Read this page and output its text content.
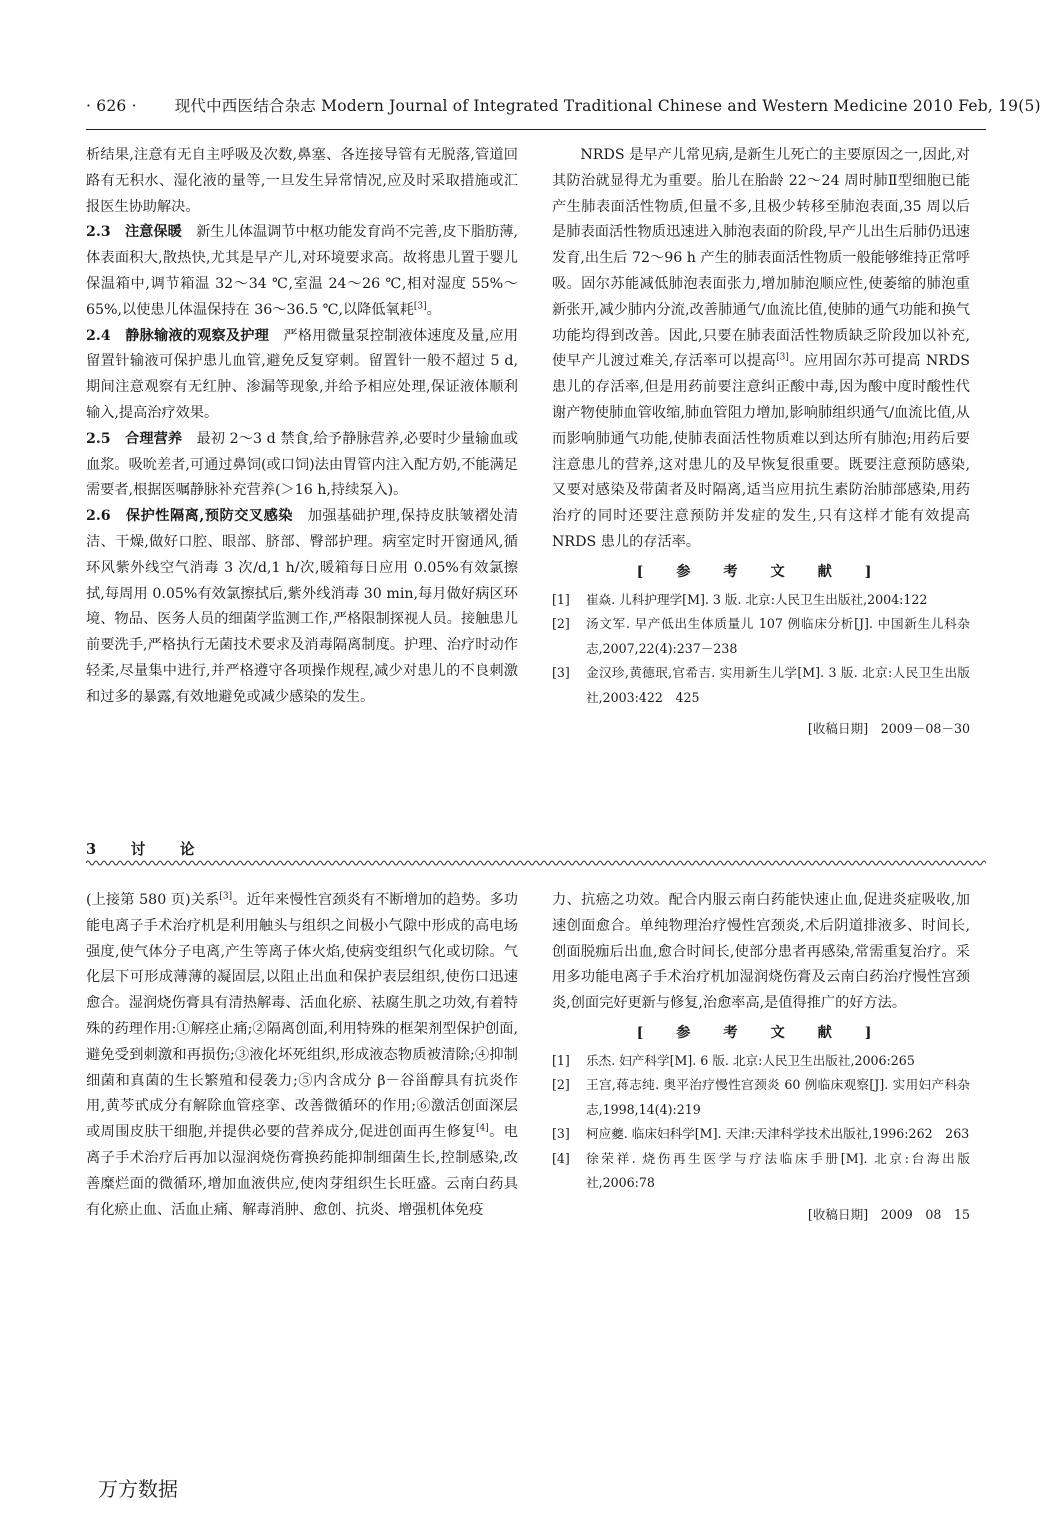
· 626 · 现代中西医结合杂志 Modern Journal of Integrated Traditional Chinese and Western Medicine 2010 Feb, 19(5)

析结果,注意有无自主呼吸及次数,鼻塞、各连接导管有无脱落,管道回路有无积水、湿化液的量等,一旦发生异常情况,应及时采取措施或汇报医生协助解决。

2.3　注意保暖　 新生儿体温调节中枢功能发育尚不完善,皮下脂肪薄,体表面积大,散热快,尤其是早产儿,对环境要求高。故将患儿置于婴儿保温箱中,调节箱温 32～34 ℃,室温 24～26 ℃,相对湿度 55%～65%,以使患儿体温保持在 36～36.5 ℃,以降低氧耗[3]。

2.4　静脉输液的观察及护理　 严格用微量泵控制液体速度及量,应用留置针输液可保护患儿血管,避免反复穿刺。留置针一般不超过 5 d,期间注意观察有无红肿、渗漏等现象,并给予相应处理,保证液体顺利输入,提高治疗效果。

2.5　合理营养　 最初 2～3 d 禁食,给予静脉营养,必要时少量输血或血浆。吸吮差者,可通过鼻饲(或口饲)法由胃管内注入配方奶,不能满足需要者,根据医嘱静脉补充营养(＞16 h,持续泵入)。

2.6　保护性隔离,预防交叉感染　 加强基础护理,保持皮肤皱褶处清洁、干燥,做好口腔、眼部、脐部、臀部护理。病室定时开窗通风,循环风紫外线空气消毒 3 次/d,1 h/次,暖箱每日应用 0.05%有效氯擦拭,每周用 0.05%有效氯擦拭后,紫外线消毒 30 min,每月做好病区环境、物品、医务人员的细菌学监测工作,严格限制探视人员。接触患儿前要洗手,严格执行无菌技术要求及消毒隔离制度。护理、治疗时动作轻柔,尽量集中进行,并严格遵守各项操作规程,减少对患儿的不良刺激和过多的暴露,有效地避免或减少感染的发生。

3　讨　论

NRDS 是早产儿常见病,是新生儿死亡的主要原因之一,因此,对其防治就显得尤为重要。胎儿在胎龄 22～24 周时肺Ⅱ型细胞已能产生肺表面活性物质,但量不多,且极少转移至肺泡表面,35 周以后是肺表面活性物质迅速进入肺泡表面的阶段,早产儿出生后肺仍迅速发育,出生后 72～96 h 产生的肺表面活性物质一般能够维持正常呼吸。固尔苏能减低肺泡表面张力,增加肺泡顺应性,使萎缩的肺泡重新张开,减少肺内分流,改善肺通气/血流比值,使肺的通气功能和换气功能均得到改善。因此,只要在肺表面活性物质缺乏阶段加以补充,使早产儿渡过难关,存活率可以提高[3]。应用固尔苏可提高 NRDS 患儿的存活率,但是用药前要注意纠正酸中毒,因为酸中度时酸性代谢产物使肺血管收缩,肺血管阻力增加,影响肺组织通气/血流比值,从而影响肺通气功能,使肺表面活性物质难以到达所有肺泡;用药后要注意患儿的营养,这对患儿的及早恢复很重要。既要注意预防感染,又要对感染及带菌者及时隔离,适当应用抗生素防治肺部感染,用药治疗的同时还要注意预防并发症的发生,只有这样才能有效提高 NRDS 患儿的存活率。

[ 参 考 文 献 ]
[1]	崔焱. 儿科护理学[M]. 3 版. 北京:人民卫生出版社,2004:122
[2]	汤文军. 早产低出生体质量儿 107 例临床分析[J]. 中国新生儿科杂志,2007,22(4):237－238
[3]	金汉珍,黄德珉,官希吉. 实用新生儿学[M]. 3 版. 北京:人民卫生出版社,2003:422　425
[收稿日期]　2009－08－30

(上接第 580 页)关系[3]。近年来慢性宫颈炎有不断增加的趋势。多功能电离子手术治疗机是利用触头与组织之间极小气隙中形成的高电场强度,使气体分子电离,产生等离子体火焰,使病变组织气化或切除。气化层下可形成薄薄的凝固层,以阻止出血和保护表层组织,使伤口迅速愈合。湿润烧伤膏具有清热解毒、活血化瘀、祛腐生肌之功效,有着特殊的药理作用:①解痉止痛;②隔离创面,利用特殊的框架剂型保护创面,避免受到刺激和再损伤;③液化坏死组织,形成液态物质被清除;④抑制细菌和真菌的生长繁殖和侵袭力;⑤内含成分 β－谷甾醇具有抗炎作用,黄芩甙成分有解除血管痉挛、改善微循环的作用;⑥激活创面深层或周围皮肤干细胞,并提供必要的营养成分,促进创面再生修复[4]。电离子手术治疗后再加以湿润烧伤膏换药能抑制细菌生长,控制感染,改善糜烂面的微循环,增加血液供应,使肉芽组织生长旺盛。云南白药具有化瘀止血、活血止痛、解毒消肿、愈创、抗炎、增强机体免疫

力、抗癌之功效。配合内服云南白药能快速止血,促进炎症吸收,加速创面愈合。单纯物理治疗慢性宫颈炎,术后阴道排液多、时间长,创面脱痂后出血,愈合时间长,使部分患者再感染,常需重复治疗。采用多功能电离子手术治疗机加湿润烧伤膏及云南白药治疗慢性宫颈炎,创面完好更新与修复,治愈率高,是值得推广的好方法。

[ 参 考 文 献 ]
[1]	乐杰. 妇产科学[M]. 6 版. 北京:人民卫生出版社,2006:265
[2]	王宫,蒋志纯. 奥平治疗慢性宫颈炎 60 例临床观察[J]. 实用妇产科杂志,1998,14(4):219
[3]	柯应夔. 临床妇科学[M]. 天津:天津科学技术出版社,1996:262　263
[4]	徐荣祥. 烧伤再生医学与疗法临床手册[M]. 北京:台海出版社,2006:78
[收稿日期]　2009　08　15
万方数据
